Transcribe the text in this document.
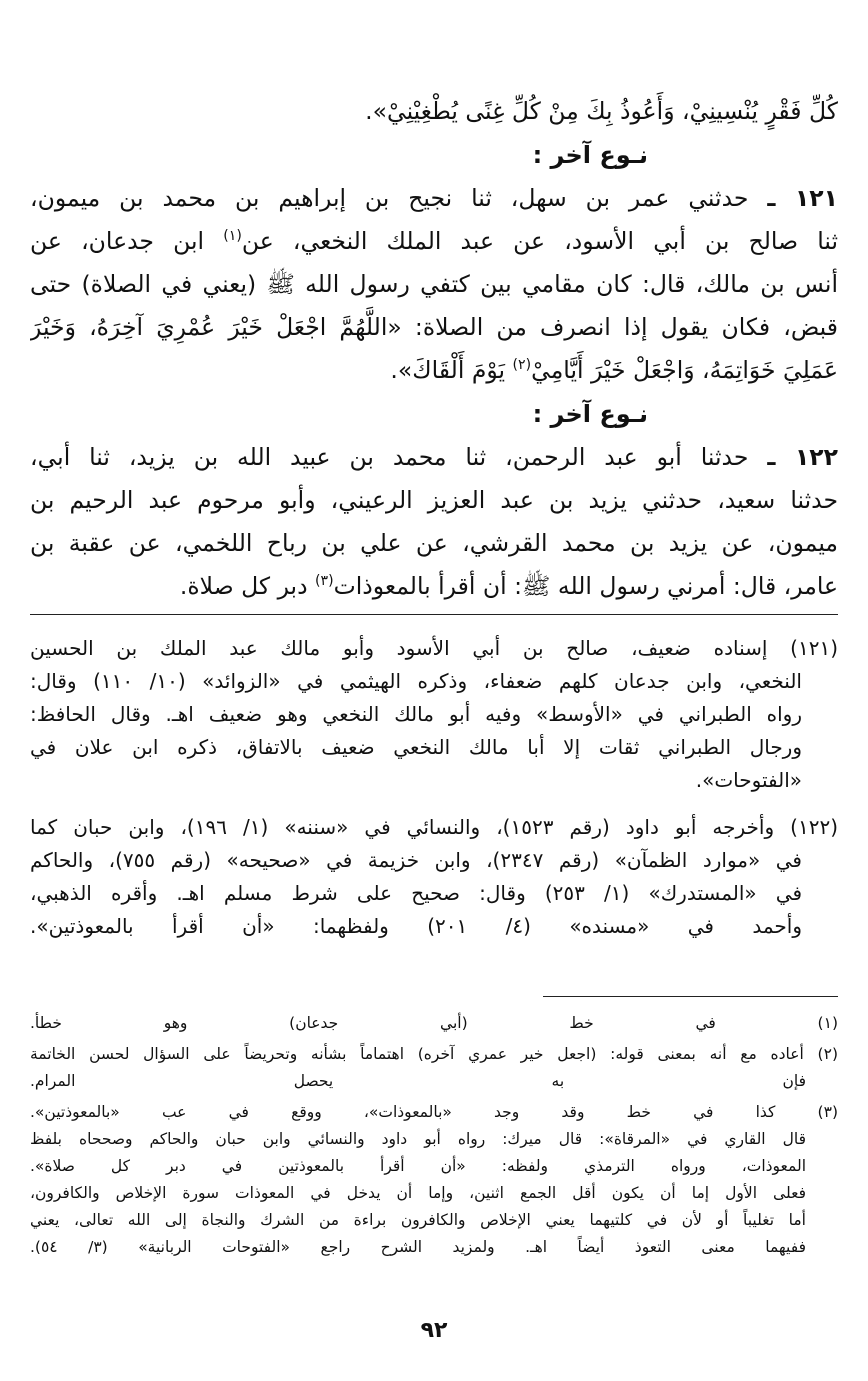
كُلِّ فَقْرٍ يُنْسِينِيْ، وَأَعُوذُ بِكَ مِنْ كُلِّ غِنًى يُطْغِيْنِيْ».
نـوع آخر :
١٢١ ـ حدثني عمر بن سهل، ثنا نجيح بن إبراهيم بن محمد بن ميمون،
ثنا صالح بن أبي الأسود، عن عبد الملك النخعي، عن$^{(١)}$ ابن جدعان، عن
أنس بن مالك، قال: كان مقامي بين كتفي رسول الله ﷺ (يعني في الصلاة) حتى
قبض، فكان يقول إذا انصرف من الصلاة: «اللَّهُمَّ اجْعَلْ خَيْرَ عُمْرِيَ آخِرَهُ، وَخَيْرَ
عَمَلِيَ خَوَاتِمَهُ، وَاجْعَلْ خَيْرَ أَيَّامِيْ$^{(٢)}$ يَوْمَ أَلْقَاكَ».
نـوع آخر :
١٢٢ ـ حدثنا أبو عبد الرحمن، ثنا محمد بن عبيد الله بن يزيد، ثنا أبي،
حدثنا سعيد، حدثني يزيد بن عبد العزيز الرعيني، وأبو مرحوم عبد الرحيم بن
ميمون، عن يزيد بن محمد القرشي، عن علي بن رباح اللخمي، عن عقبة بن
عامر، قال: أمرني رسول الله ﷺ: أن أقرأ بالمعوذات$^{(٣)}$ دبر كل صلاة.
(١٢١) إسناده ضعيف، صالح بن أبي الأسود وأبو مالك عبد الملك بن الحسين
النخعي، وابن جدعان كلهم ضعفاء، وذكره الهيثمي في «الزوائد» (١٠/ ١١٠) وقال:
رواه الطبراني في «الأوسط» وفيه أبو مالك النخعي وهو ضعيف اهـ. وقال الحافظ:
ورجال الطبراني ثقات إلا أبا مالك النخعي ضعيف بالاتفاق، ذكره ابن علان في
«الفتوحات».
(١٢٢) وأخرجه أبو داود (رقم ١٥٢٣)، والنسائي في «سننه» (١/ ١٩٦)، وابن حبان كما
في «موارد الظمآن» (رقم ٢٣٤٧)، وابن خزيمة في «صحيحه» (رقم ٧٥٥)، والحاكم
في «المستدرك» (١/ ٢٥٣) وقال: صحيح على شرط مسلم اهـ. وأقره الذهبي،
وأحمد في «مسنده» (٤/ ٢٠١) ولفظهما: «أن أقرأ بالمعوذتين».
(١) في خط (أبي جدعان) وهو خطأ.
(٢) أعاده مع أنه بمعنى قوله: (اجعل خير عمري آخره) اهتماماً بشأنه وتحريضاً على السؤال لحسن الخاتمة
فإن به يحصل المرام.
(٣) كذا في خط وقد وجد «بالمعوذات»، ووقع في عب «بالمعوذتين».
قال القاري في «المرقاة»: قال ميرك: رواه أبو داود والنسائي وابن حبان والحاكم وصححاه بلفظ
المعوذات، ورواه الترمذي ولفظه: «أن أقرأ بالمعوذتين في دبر كل صلاة».
فعلى الأول إما أن يكون أقل الجمع اثنين، وإما أن يدخل في المعوذات سورة الإخلاص والكافرون،
أما تغليباً أو لأن في كلتيهما يعني الإخلاص والكافرون براءة من الشرك والنجاة إلى الله تعالى، يعني
ففيهما معنى التعوذ أيضاً اهـ. ولمزيد الشرح راجع «الفتوحات الربانية» (٣/ ٥٤).
٩٢
